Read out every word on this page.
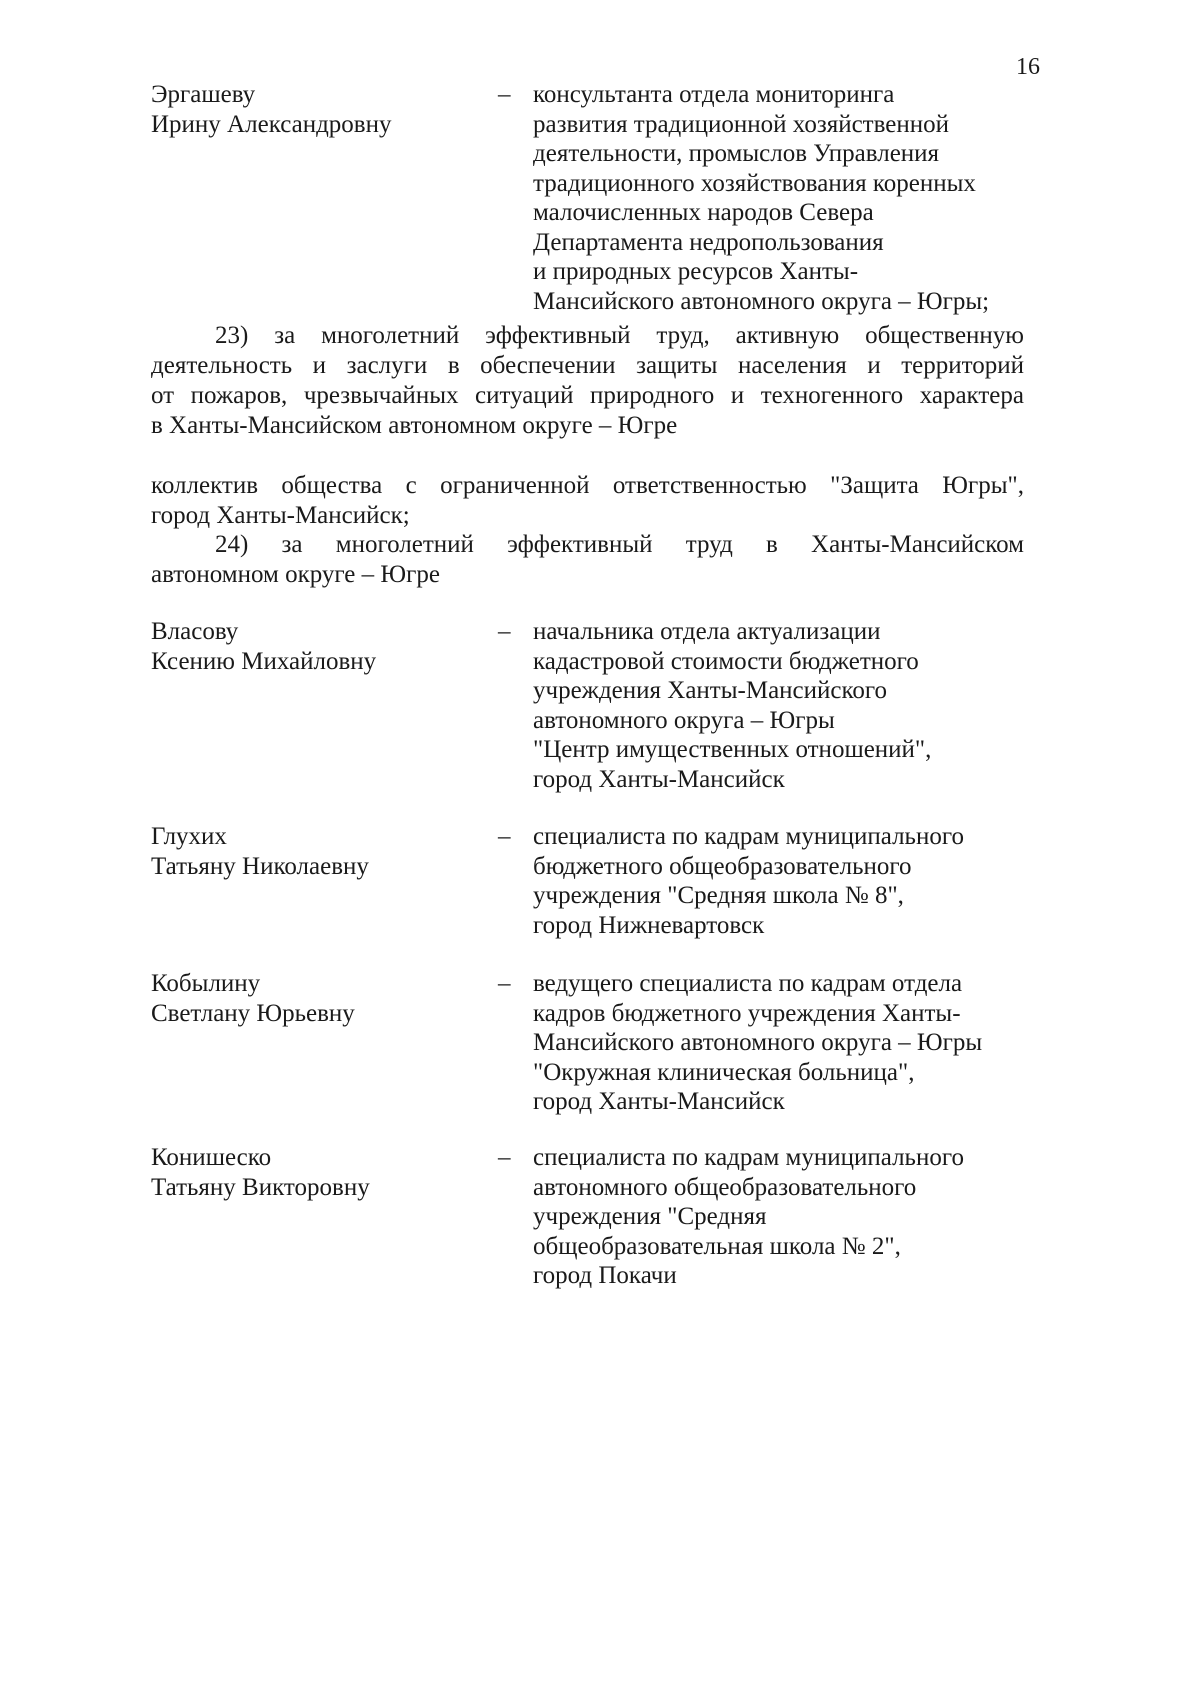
16
Эргашеву
Ирину Александровну
– консультанта отдела мониторинга
развития традиционной хозяйственной
деятельности, промыслов Управления
традиционного хозяйствования коренных
малочисленных народов Севера
Департамента недропользования
и природных ресурсов Ханты-
Мансийского автономного округа – Югры;
23) за многолетний эффективный труд, активную общественную
деятельность и заслуги в обеспечении защиты населения и территорий
от пожаров, чрезвычайных ситуаций природного и техногенного характера
в Ханты-Мансийском автономном округе – Югре
коллектив общества с ограниченной ответственностью "Защита Югры",
город Ханты-Мансийск;
24) за многолетний эффективный труд в Ханты-Мансийском
автономном округе – Югре
Власову
Ксению Михайловну
– начальника отдела актуализации
кадастровой стоимости бюджетного
учреждения Ханты-Мансийского
автономного округа – Югры
"Центр имущественных отношений",
город Ханты-Мансийск
Глухих
Татьяну Николаевну
– специалиста по кадрам муниципального
бюджетного общеобразовательного
учреждения "Средняя школа № 8",
город Нижневартовск
Кобылину
Светлану Юрьевну
– ведущего специалиста по кадрам отдела
кадров бюджетного учреждения Ханты-
Мансийского автономного округа – Югры
"Окружная клиническая больница",
город Ханты-Мансийск
Конишеско
Татьяну Викторовну
– специалиста по кадрам муниципального
автономного общеобразовательного
учреждения "Средняя
общеобразовательная школа № 2",
город Покачи
